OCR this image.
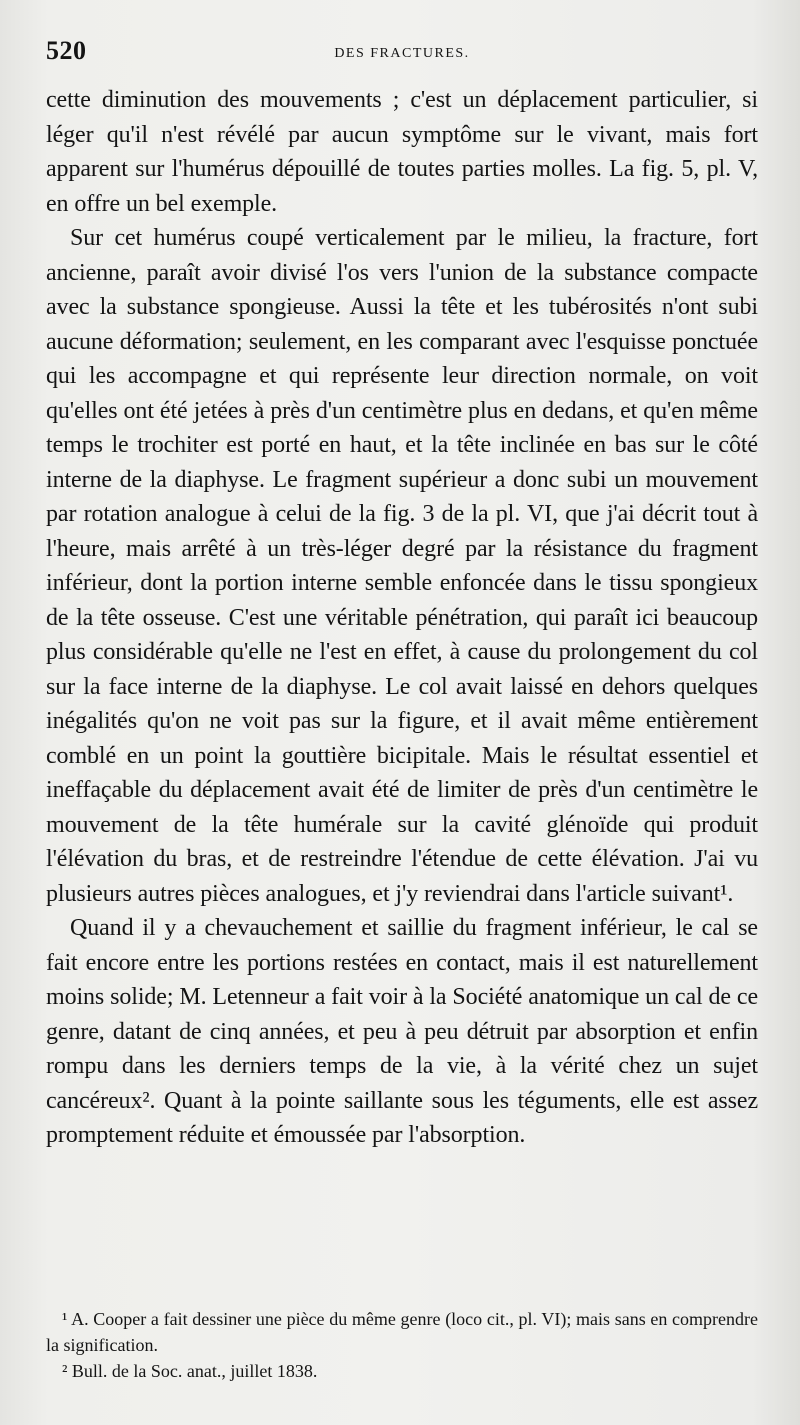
520	DES FRACTURES.

cette diminution des mouvements ; c'est un déplacement particulier, si léger qu'il n'est révélé par aucun symptôme sur le vivant, mais fort apparent sur l'humérus dépouillé de toutes parties molles. La fig. 5, pl. V, en offre un bel exemple.

Sur cet humérus coupé verticalement par le milieu, la fracture, fort ancienne, paraît avoir divisé l'os vers l'union de la substance compacte avec la substance spongieuse. Aussi la tête et les tubérosités n'ont subi aucune déformation; seulement, en les comparant avec l'esquisse ponctuée qui les accompagne et qui représente leur direction normale, on voit qu'elles ont été jetées à près d'un centimètre plus en dedans, et qu'en même temps le trochiter est porté en haut, et la tête inclinée en bas sur le côté interne de la diaphyse. Le fragment supérieur a donc subi un mouvement par rotation analogue à celui de la fig. 3 de la pl. VI, que j'ai décrit tout à l'heure, mais arrêté à un très-léger degré par la résistance du fragment inférieur, dont la portion interne semble enfoncée dans le tissu spongieux de la tête osseuse. C'est une véritable pénétration, qui paraît ici beaucoup plus considérable qu'elle ne l'est en effet, à cause du prolongement du col sur la face interne de la diaphyse. Le col avait laissé en dehors quelques inégalités qu'on ne voit pas sur la figure, et il avait même entièrement comblé en un point la gouttière bicipitale. Mais le résultat essentiel et ineffaçable du déplacement avait été de limiter de près d'un centimètre le mouvement de la tête humérale sur la cavité glénoïde qui produit l'élévation du bras, et de restreindre l'étendue de cette élévation. J'ai vu plusieurs autres pièces analogues, et j'y reviendrai dans l'article suivant¹.

Quand il y a chevauchement et saillie du fragment inférieur, le cal se fait encore entre les portions restées en contact, mais il est naturellement moins solide; M. Letenneur a fait voir à la Société anatomique un cal de ce genre, datant de cinq années, et peu à peu détruit par absorption et enfin rompu dans les derniers temps de la vie, à la vérité chez un sujet cancéreux². Quant à la pointe saillante sous les téguments, elle est assez promptement réduite et émoussée par l'absorption.

¹ A. Cooper a fait dessiner une pièce du même genre (loco cit., pl. VI); mais sans en comprendre la signification.

² Bull. de la Soc. anat., juillet 1838.
